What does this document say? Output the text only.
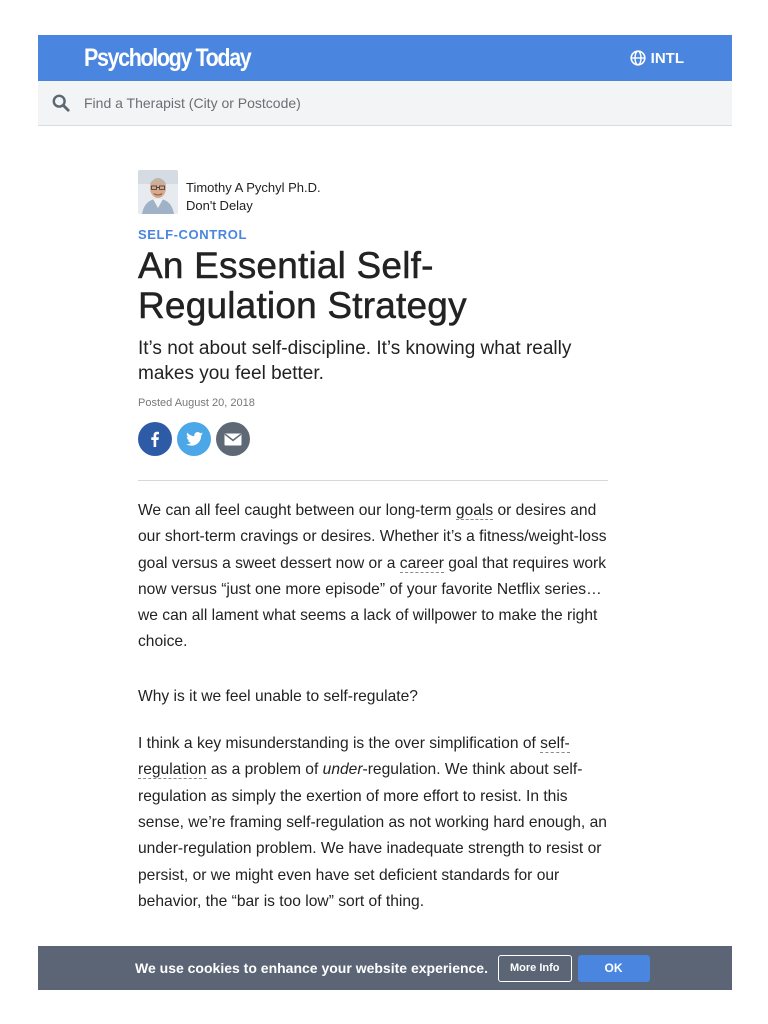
Psychology Today	INTL
Find a Therapist (City or Postcode)
Timothy A Pychyl Ph.D.
Don't Delay
SELF-CONTROL
An Essential Self-Regulation Strategy

It’s not about self-discipline. It’s knowing what really makes you feel better.

Posted August 20, 2018

We can all feel caught between our long-term goals or desires and our short-term cravings or desires. Whether it’s a fitness/weight-loss goal versus a sweet dessert now or a career goal that requires work now versus “just one more episode” of your favorite Netflix series…we can all lament what seems a lack of willpower to make the right choice.

Why is it we feel unable to self-regulate?

I think a key misunderstanding is the over simplification of self-regulation as a problem of under-regulation. We think about self-regulation as simply the exertion of more effort to resist. In this sense, we’re framing self-regulation as not working hard enough, an under-regulation problem. We have inadequate strength to resist or persist, or we might even have set deficient standards for our behavior, the “bar is too low” sort of thing.

We use cookies to enhance your website experience.	More Info	OK
